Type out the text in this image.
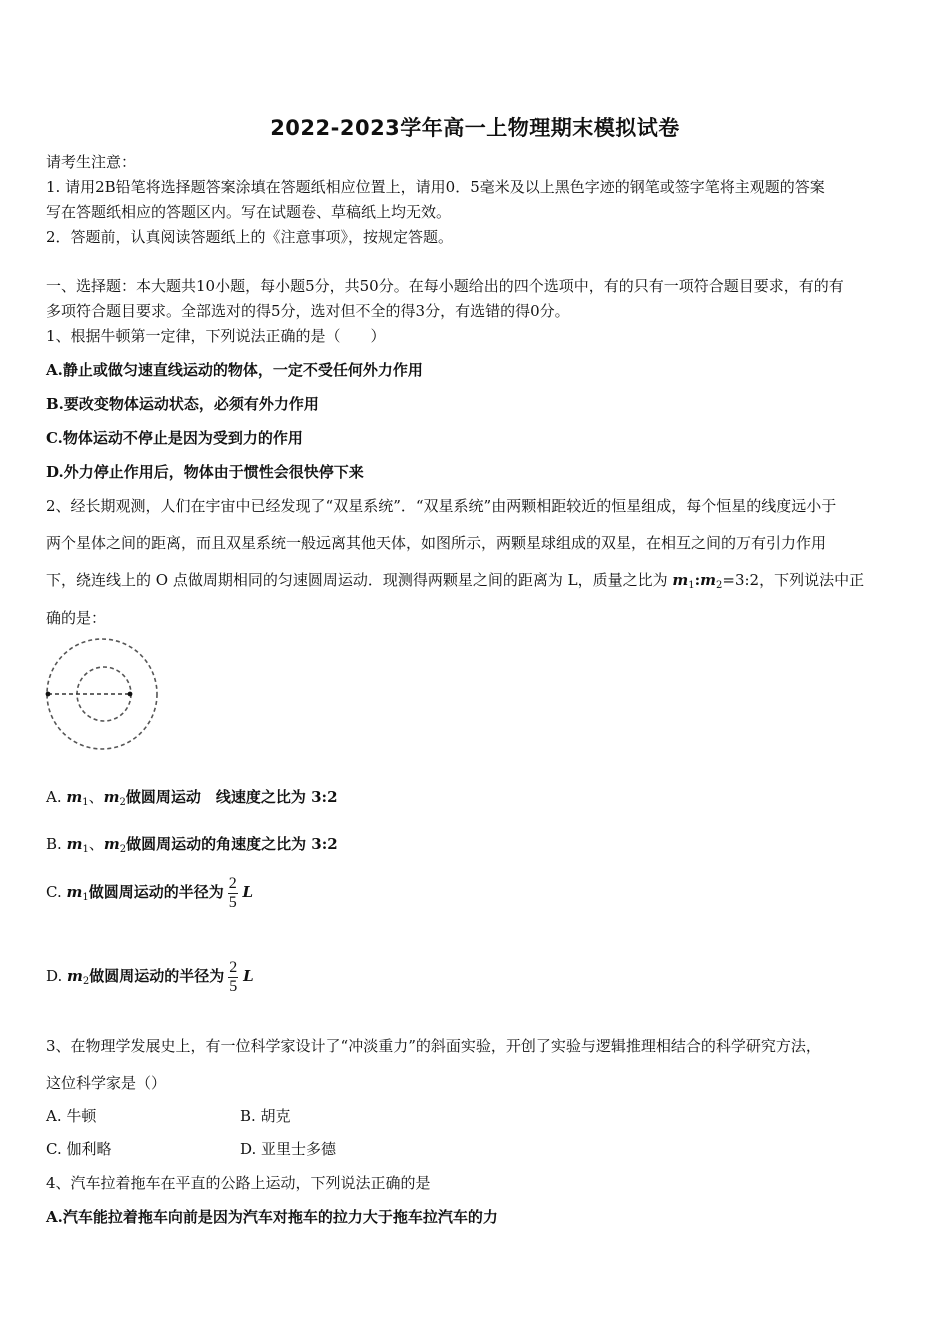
2022-2023学年高一上物理期末模拟试卷
请考生注意：
1. 请用2B铅笔将选择题答案涂填在答题纸相应位置上，请用0．5毫米及以上黑色字迹的钢笔或签字笔将主观题的答案
写在答题纸相应的答题区内。写在试题卷、草稿纸上均无效。
2．答题前，认真阅读答题纸上的《注意事项》，按规定答题。
一、选择题：本大题共10小题，每小题5分，共50分。在每小题给出的四个选项中，有的只有一项符合题目要求，有的有
多项符合题目要求。全部选对的得5分，选对但不全的得3分，有选错的得0分。
1、根据牛顿第一定律，下列说法正确的是（　　）
A.静止或做匀速直线运动的物体，一定不受任何外力作用
B.要改变物体运动状态，必须有外力作用
C.物体运动不停止是因为受到力的作用
D.外力停止作用后，物体由于惯性会很快停下来
2、经长期观测，人们在宇宙中已经发现了“双星系统”．“双星系统”由两颗相距较近的恒星组成，每个恒星的线度远小于
两个星体之间的距离，而且双星系统一般远离其他天体，如图所示，两颗星球组成的双星，在相互之间的万有引力作用
下，绕连线上的 O 点做周期相同的匀速圆周运动．现测得两颗星之间的距离为 L，质量之比为 $m_1:m_2=3:2$，下列说法中正
确的是：
A. $m_1$、$m_2$做圆周运动　线速度之比为 3:2
B. $m_1$、$m_2$做圆周运动的角速度之比为 3:2
C. $m_1$做圆周运动的半径为 $\frac{2}{5}$ L
D. $m_2$做圆周运动的半径为 $\frac{2}{5}$ L
3、在物理学发展史上，有一位科学家设计了“冲淡重力”的斜面实验，开创了实验与逻辑推理相结合的科学研究方法，
这位科学家是（）
A. 牛顿	B. 胡克
C. 伽利略	D. 亚里士多德
4、汽车拉着拖车在平直的公路上运动，下列说法正确的是
A.汽车能拉着拖车向前是因为汽车对拖车的拉力大于拖车拉汽车的力
